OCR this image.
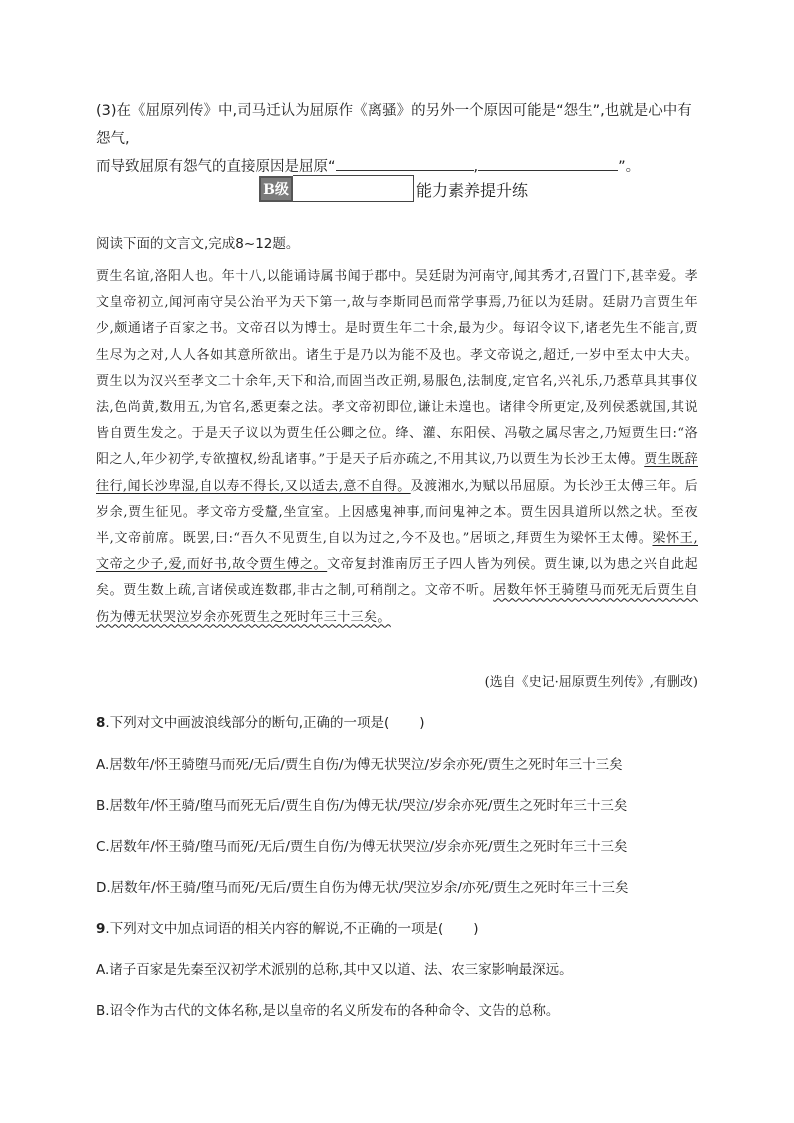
(3)在《屈原列传》中,司马迁认为屈原作《离骚》的另外一个原因可能是“怨生”,也就是心中有怨气,
而导致屈原有怨气的直接原因是屈原“	,	”。
B级	能力素养提升练
阅读下面的文言文,完成8~12题。
贾生名谊,洛阳人也。年十八,以能诵诗属书闻于郡中。吴廷尉为河南守,闻其秀才,召置门下,甚幸爱。孝文皇帝初立,闻河南守吴公治平为天下第一,故与李斯同邑而常学事焉,乃征以为廷尉。廷尉乃言贾生年少,颇通诸子百家之书。文帝召以为博士。是时贾生年二十余,最为少。每诏令议下,诸老先生不能言,贾生尽为之对,人人各如其意所欲出。诸生于是乃以为能不及也。孝文帝说之,超迁,一岁中至太中大夫。贾生以为汉兴至孝文二十余年,天下和洽,而固当改正朔,易服色,法制度,定官名,兴礼乐,乃悉草具其事仪法,色尚黄,数用五,为官名,悉更秦之法。孝文帝初即位,谦让未遑也。诸律令所更定,及列侯悉就国,其说皆自贾生发之。于是天子议以为贾生任公卿之位。绛、灌、东阳侯、冯敬之属尽害之,乃短贾生曰:“洛阳之人,年少初学,专欲擅权,纷乱诸事。”于是天子后亦疏之,不用其议,乃以贾生为长沙王太傅。贾生既辞往行,闻长沙卑湿,自以寿不得长,又以适去,意不自得。及渡湘水,为赋以吊屈原。为长沙王太傅三年。后岁余,贾生征见。孝文帝方受釐,坐宣室。上因感鬼神事,而问鬼神之本。贾生因具道所以然之状。至夜半,文帝前席。既罢,曰:“吾久不见贾生,自以为过之,今不及也。”居顷之,拜贾生为梁怀王太傅。梁怀王,文帝之少子,爱,而好书,故令贾生傅之。文帝复封淮南厉王子四人皆为列侯。贾生谏,以为患之兴自此起矣。贾生数上疏,言诸侯或连数郡,非古之制,可稍削之。文帝不听。居数年怀王骑堕马而死无后贾生自伤为傅无状哭泣岁余亦死贾生之死时年三十三矣。
(选自《史记·屈原贾生列传》,有删改)
8.下列对文中画波浪线部分的断句,正确的一项是( )
A.居数年/怀王骑堕马而死/无后/贾生自伤/为傅无状哭泣/岁余亦死/贾生之死时年三十三矣
B.居数年/怀王骑/堕马而死无后/贾生自伤/为傅无状/哭泣/岁余亦死/贾生之死时年三十三矣
C.居数年/怀王骑/堕马而死/无后/贾生自伤/为傅无状哭泣/岁余亦死/贾生之死时年三十三矣
D.居数年/怀王骑/堕马而死/无后/贾生自伤为傅无状/哭泣岁余/亦死/贾生之死时年三十三矣
9.下列对文中加点词语的相关内容的解说,不正确的一项是( )
A.诸子百家是先秦至汉初学术派别的总称,其中又以道、法、农三家影响最深远。
B.诏令作为古代的文体名称,是以皇帝的名义所发布的各种命令、文告的总称。
